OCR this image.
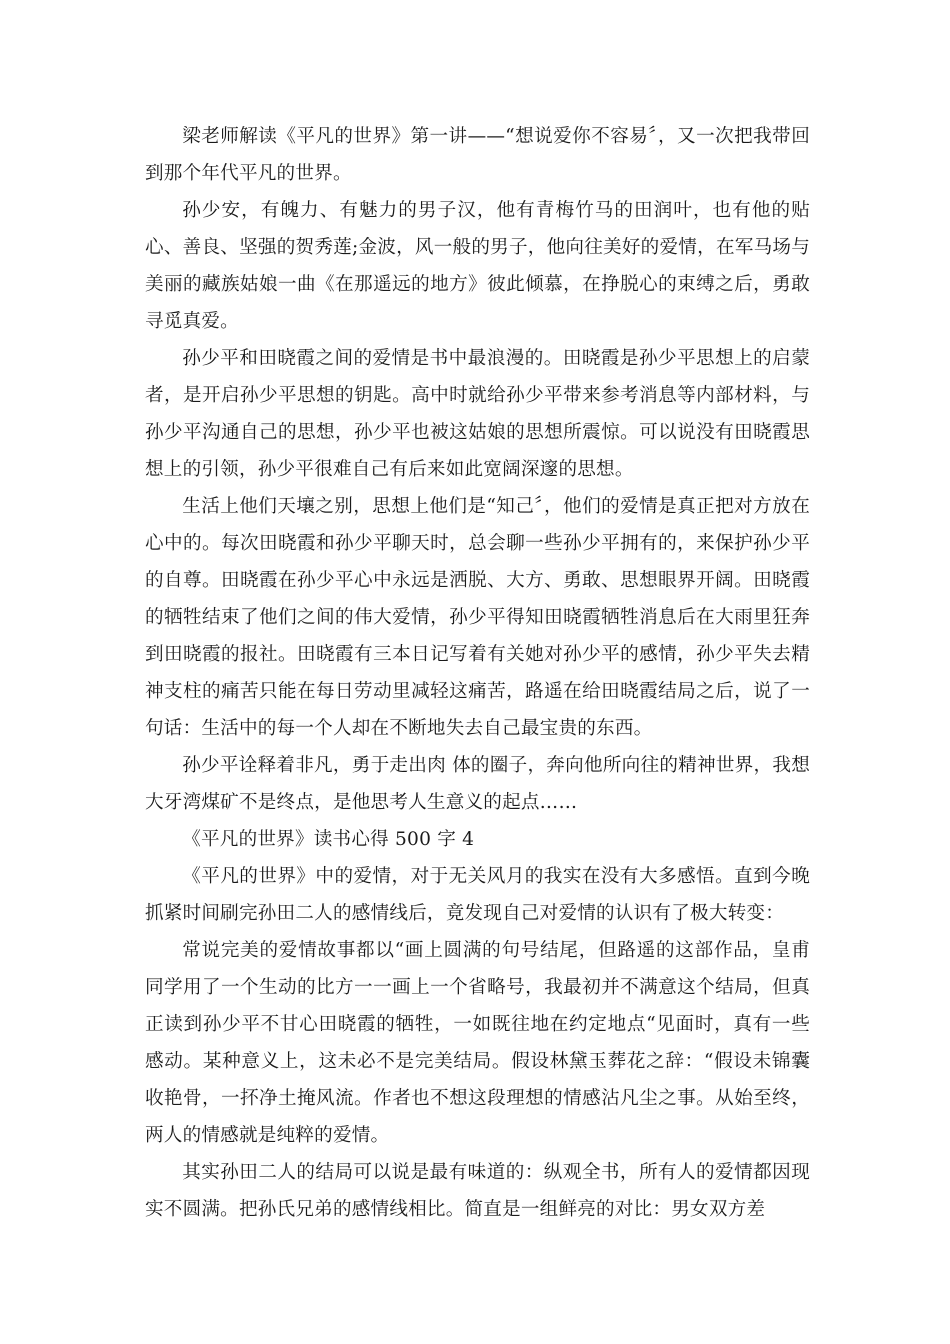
梁老师解读《平凡的世界》第一讲——“想说爱你不容易〞，又一次把我带回到那个年代平凡的世界。

孙少安，有魄力、有魅力的男子汉，他有青梅竹马的田润叶，也有他的贴心、善良、坚强的贺秀莲;金波，风一般的男子，他向往美好的爱情，在军马场与美丽的藏族姑娘一曲《在那遥远的地方》彼此倾慕，在挣脱心的束缚之后，勇敢寻觅真爱。

孙少平和田晓霞之间的爱情是书中最浪漫的。田晓霞是孙少平思想上的启蒙者，是开启孙少平思想的钥匙。高中时就给孙少平带来参考消息等内部材料，与孙少平沟通自己的思想，孙少平也被这姑娘的思想所震惊。可以说没有田晓霞思想上的引领，孙少平很难自己有后来如此宽阔深邃的思想。

生活上他们天壤之别，思想上他们是“知己〞，他们的爱情是真正把对方放在心中的。每次田晓霞和孙少平聊天时，总会聊一些孙少平拥有的，来保护孙少平的自尊。田晓霞在孙少平心中永远是洒脱、大方、勇敢、思想眼界开阔。田晓霞的牺牲结束了他们之间的伟大爱情，孙少平得知田晓霞牺牲消息后在大雨里狂奔到田晓霞的报社。田晓霞有三本日记写着有关她对孙少平的感情，孙少平失去精神支柱的痛苦只能在每日劳动里减轻这痛苦，路遥在给田晓霞结局之后，说了一句话：生活中的每一个人却在不断地失去自己最宝贵的东西。

孙少平诠释着非凡，勇于走出肉 体的圈子，奔向他所向往的精神世界，我想大牙湾煤矿不是终点，是他思考人生意义的起点……

《平凡的世界》读书心得 500 字 4

《平凡的世界》中的爱情，对于无关风月的我实在没有大多感悟。直到今晚抓紧时间刷完孙田二人的感情线后，竟发现自己对爱情的认识有了极大转变：

常说完美的爱情故事都以“画上圆满的句号结尾，但路遥的这部作品，皇甫同学用了一个生动的比方一一画上一个省略号，我最初并不满意这个结局，但真正读到孙少平不甘心田晓霞的牺牲，一如既往地在约定地点“见面时，真有一些感动。某种意义上，这未必不是完美结局。假设林黛玉葬花之辞：“假设未锦囊收艳骨，一抔净土掩风流。作者也不想这段理想的情感沾凡尘之事。从始至终，两人的情感就是纯粹的爱情。

其实孙田二人的结局可以说是最有味道的：纵观全书，所有人的爱情都因现实不圆满。把孙氏兄弟的感情线相比。简直是一组鲜亮的对比：男女双方差
